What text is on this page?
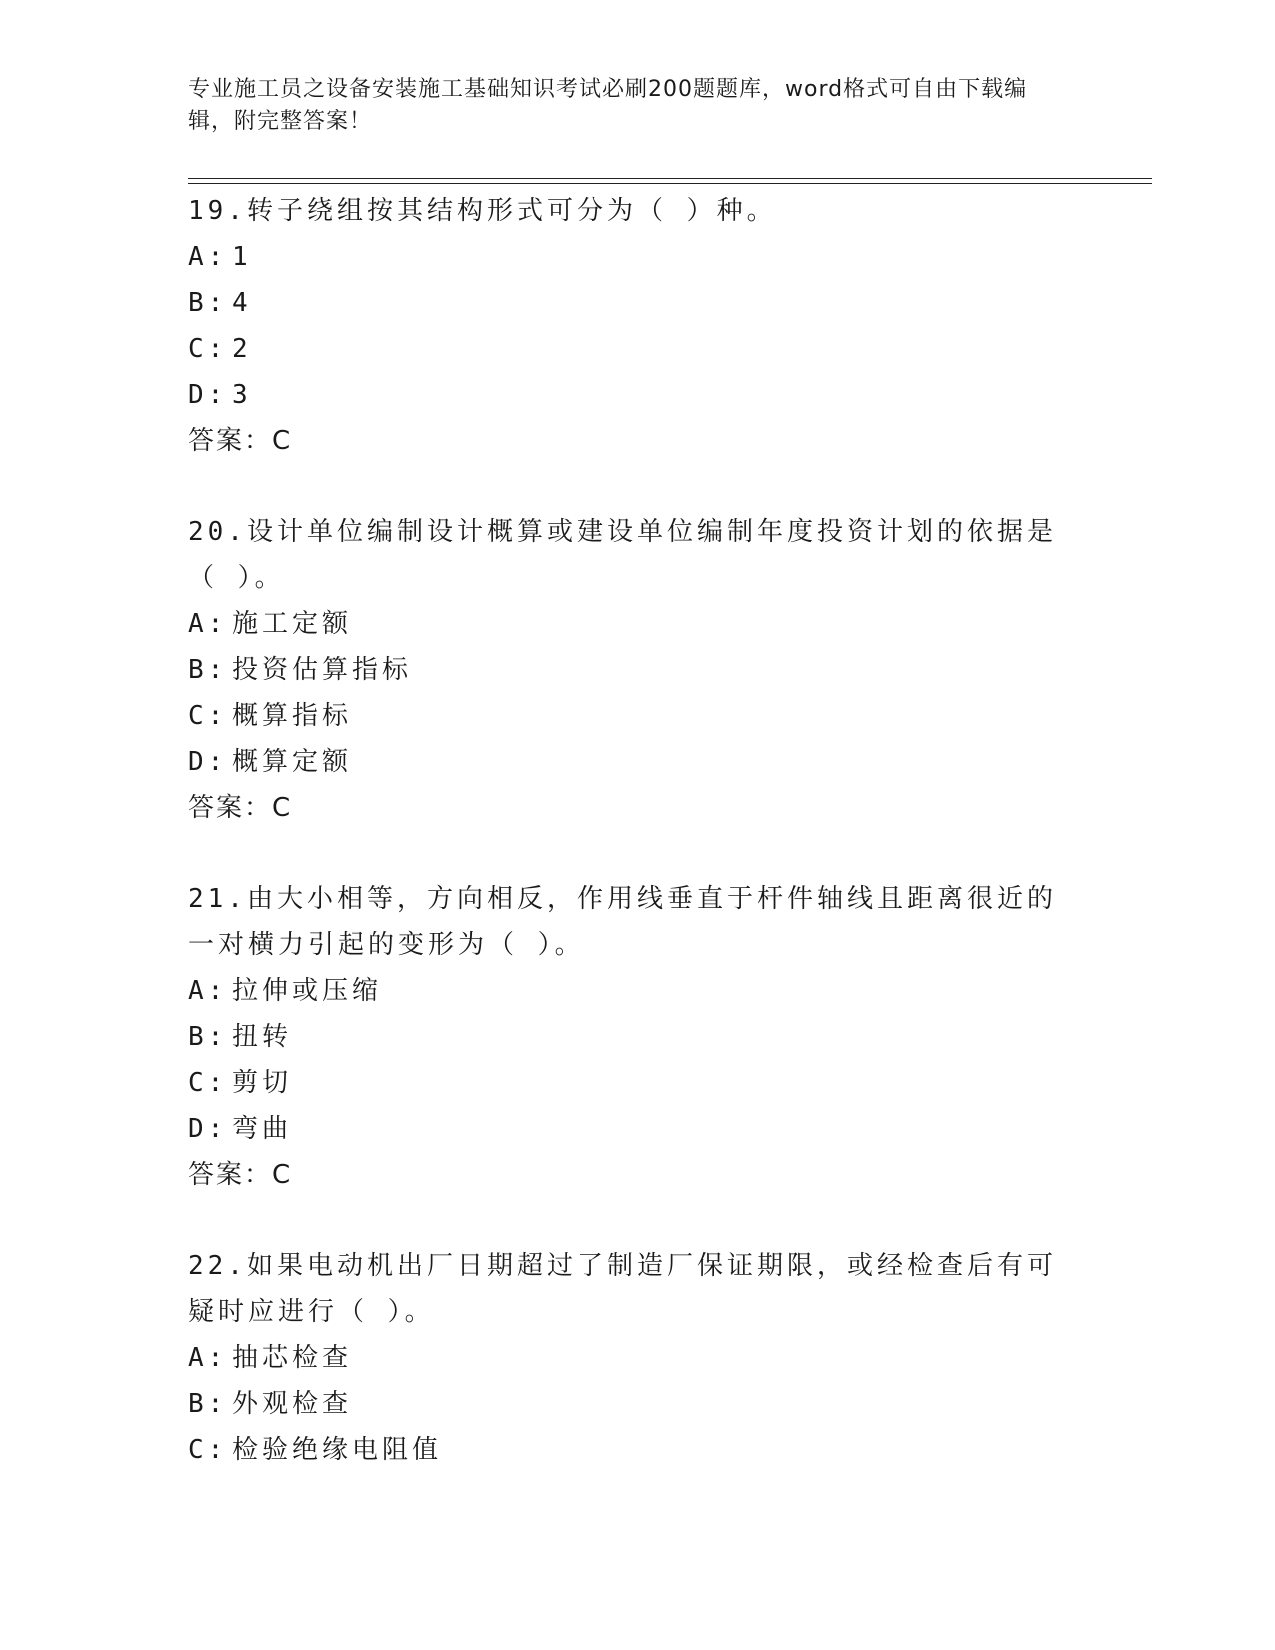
专业施工员之设备安装施工基础知识考试必刷200题题库，word格式可自由下载编辑，附完整答案！
19.转子绕组按其结构形式可分为（ ）种。
A: 1
B: 4
C: 2
D: 3
答案：C
20.设计单位编制设计概算或建设单位编制年度投资计划的依据是（ ）。
A: 施工定额
B: 投资估算指标
C: 概算指标
D: 概算定额
答案：C
21.由大小相等，方向相反，作用线垂直于杆件轴线且距离很近的一对横力引起的变形为（ ）。
A: 拉伸或压缩
B: 扭转
C: 剪切
D: 弯曲
答案：C
22.如果电动机出厂日期超过了制造厂保证期限，或经检查后有可疑时应进行（ ）。
A: 抽芯检查
B: 外观检查
C: 检验绝缘电阻值
